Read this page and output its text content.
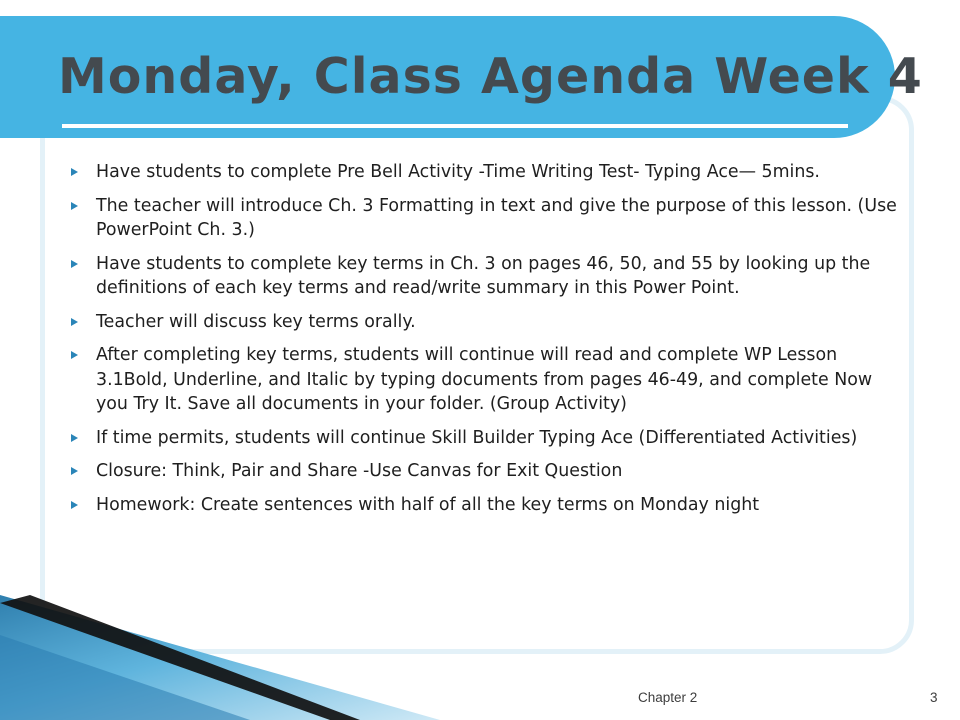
Monday, Class Agenda Week 4
Have students to complete Pre Bell Activity -Time Writing Test- Typing Ace— 5mins.
The teacher will introduce Ch. 3 Formatting in text and give the purpose of this lesson. (Use PowerPoint Ch. 3.)
Have students to complete key terms in Ch. 3 on pages 46, 50, and 55 by looking up the definitions of each key terms and read/write summary in this Power Point.
Teacher will discuss key terms orally.
After completing key terms, students will continue will read and complete WP Lesson 3.1Bold, Underline, and Italic by typing documents from pages 46-49, and complete Now you Try It. Save all documents in your folder. (Group Activity)
If time permits, students will continue Skill Builder Typing Ace (Differentiated Activities)
Closure: Think, Pair and Share -Use Canvas for Exit Question
Homework: Create sentences with half of all the key terms on Monday night
Chapter 2	3
